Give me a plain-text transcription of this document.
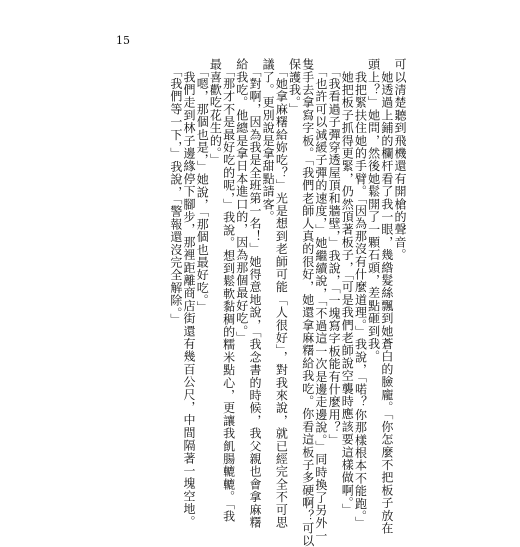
15
可以清楚聽到飛機還有開槍的聲音。
　她透過上鋪的欄杆看了我一眼，幾綹髮絲飄到她蒼白的臉龐。「你怎麼不把板子放在
頭上？」她問，然後她鬆開了一顆石頭，差點砸到我。
　我把緊扶住她的手臂。「因為那沒有什麼道理。」我說，「喏？你那樣根本不能跑。」
　她把板子抓得更緊，仍然頂著板子，「可是我們老師說空襲時應該要這樣做啊。」
　「我看過子彈穿透屋頂和牆壁，」我說，「一塊寫字板能有什麼用？」
　「也許可以減緩子彈的速度，」她繼續說，「不過這一次是邊走邊說。」同時換了另外一
隻手去拿寫字板。「我們老師人真的很好，她還拿麻糬給我吃。你看這板子多硬啊？可以
保護我。」
　「她拿麻糬給妳吃？」光是想到老師可能「人很好」，對我來說，就已經完全不可思
議了。更別說是拿甜點請客。
　「對啊，因為我是全班第一名！」她得意地說，「我念書的時候，我父親也會拿麻糬
給我吃。他總是拿日本進口的，因為那個最好吃。」
　「那才不是最好吃的呢，」我說。想到鬆軟黏稠的糯米點心，更讓我飢腸轆轆。「我
最喜歡吃花生的。」
　「嗯，那個也是，」她說，「那個也最好吃。」
　我們走到林子邊緣停下腳步，那裡距離商店街還有幾百公尺，中間隔著一塊空地。
　「我們等一下，」我說，「警報還沒完全解除。」
